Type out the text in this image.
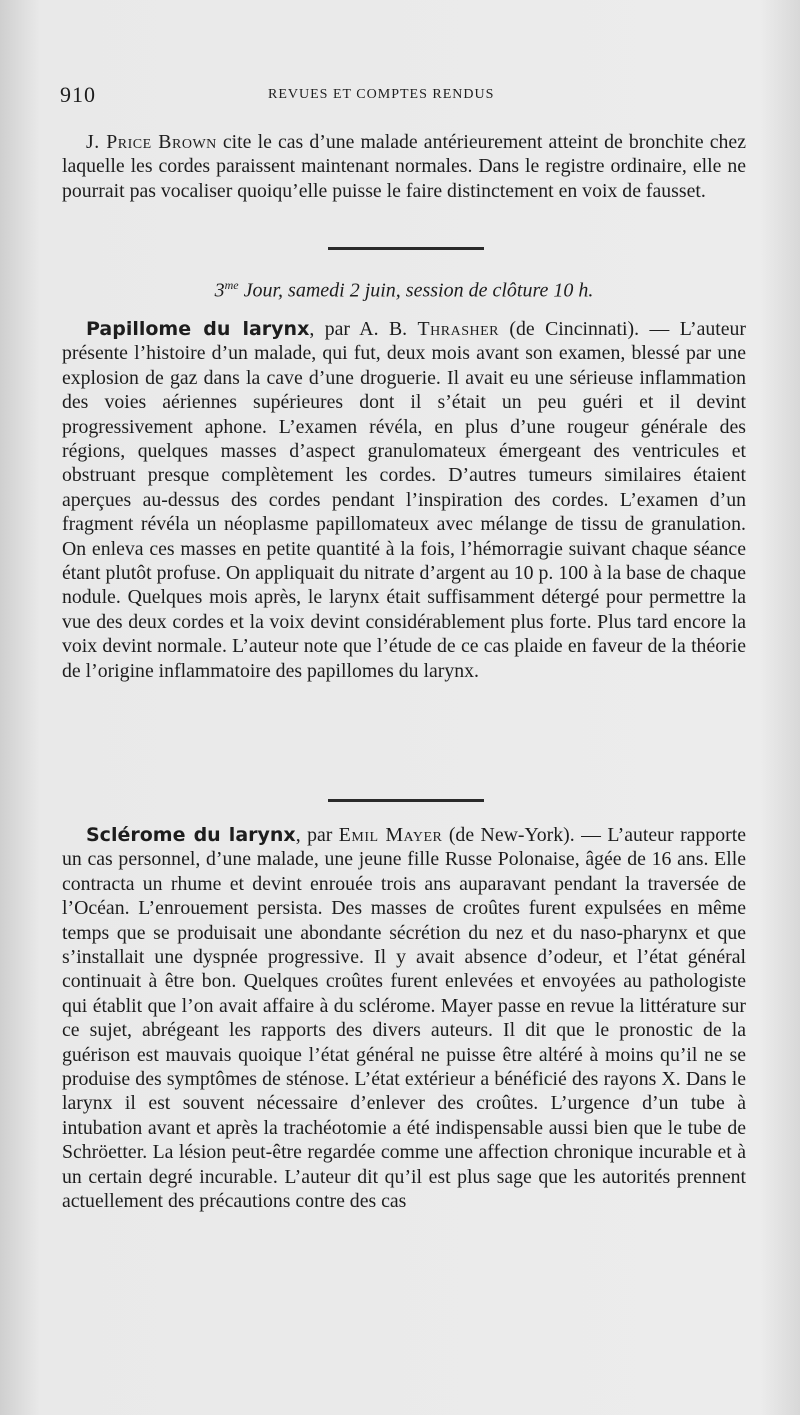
910	REVUES ET COMPTES RENDUS

J. Price Brown cite le cas d’une malade antérieurement atteint de bronchite chez laquelle les cordes paraissent maintenant normales. Dans le registre ordinaire, elle ne pourrait pas vocaliser quoiqu’elle puisse le faire distinctement en voix de fausset.

$3^{me}$ Jour, samedi 2 juin, session de clôture 10 h.

Papillome du larynx, par A. B. Thrasher (de Cincinnati). — L’auteur présente l’histoire d’un malade, qui fut, deux mois avant son examen, blessé par une explosion de gaz dans la cave d’une droguerie. Il avait eu une sérieuse inflammation des voies aériennes supérieures dont il s’était un peu guéri et il devint progressivement aphone. L’examen révéla, en plus d’une rougeur générale des régions, quelques masses d’aspect granulomateux émergeant des ventricules et obstruant presque complètement les cordes. D’autres tumeurs similaires étaient aperçues au-dessus des cordes pendant l’inspiration des cordes. L’examen d’un fragment révéla un néoplasme papillomateux avec mélange de tissu de granulation. On enleva ces masses en petite quantité à la fois, l’hémorragie suivant chaque séance étant plutôt profuse. On appliquait du nitrate d’argent au 10 p. 100 à la base de chaque nodule. Quelques mois après, le larynx était suffisamment détergé pour permettre la vue des deux cordes et la voix devint considérablement plus forte. Plus tard encore la voix devint normale. L’auteur note que l’étude de ce cas plaide en faveur de la théorie de l’origine inflammatoire des papillomes du larynx.

Sclérome du larynx, par Emil Mayer (de New-York). — L’auteur rapporte un cas personnel, d’une malade, une jeune fille Russe Polonaise, âgée de 16 ans. Elle contracta un rhume et devint enrouée trois ans auparavant pendant la traversée de l’Océan. L’enrouement persista. Des masses de croûtes furent expulsées en même temps que se produisait une abondante sécrétion du nez et du naso-pharynx et que s’installait une dyspnée progressive. Il y avait absence d’odeur, et l’état général continuait à être bon. Quelques croûtes furent enlevées et envoyées au pathologiste qui établit que l’on avait affaire à du sclérome. Mayer passe en revue la littérature sur ce sujet, abrégeant les rapports des divers auteurs. Il dit que le pronostic de la guérison est mauvais quoique l’état général ne puisse être altéré à moins qu’il ne se produise des symptômes de sténose. L’état extérieur a bénéficié des rayons X. Dans le larynx il est souvent nécessaire d’enlever des croûtes. L’urgence d’un tube à intubation avant et après la trachéotomie a été indispensable aussi bien que le tube de Schröetter. La lésion peut-être regardée comme une affection chronique incurable et à un certain degré incurable. L’auteur dit qu’il est plus sage que les autorités prennent actuellement des précautions contre des cas
